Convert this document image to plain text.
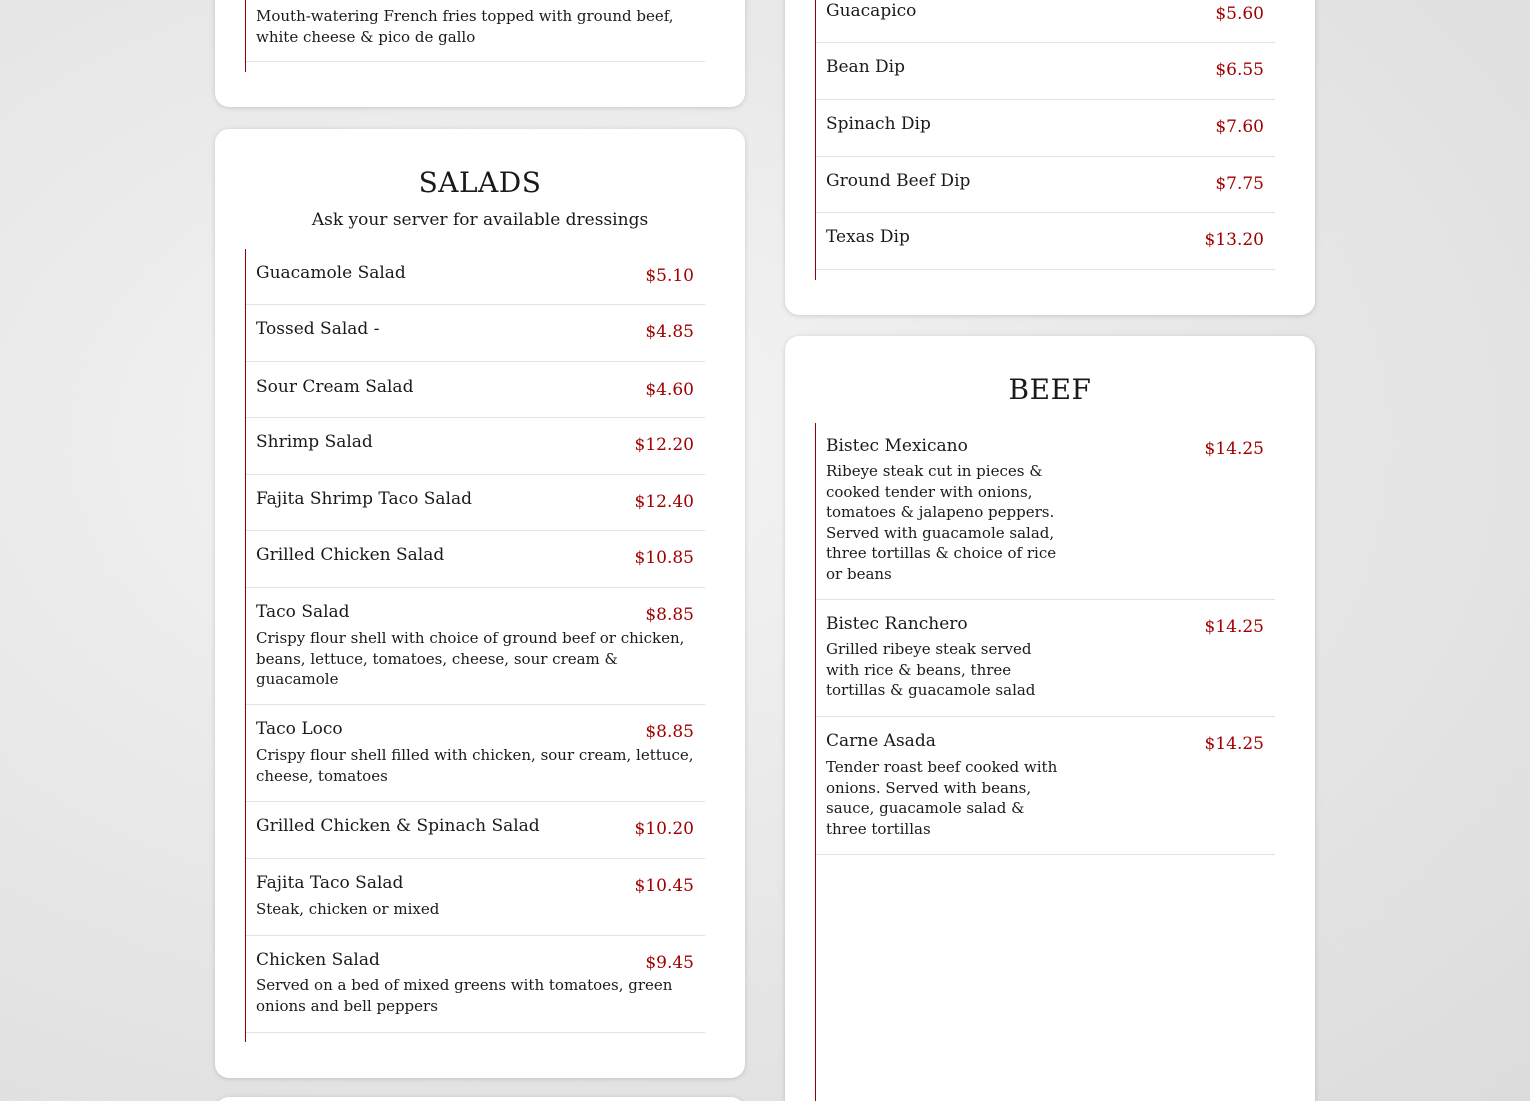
Mouth-watering French fries topped with ground beef, white cheese & pico de gallo
SALADS
Ask your server for available dressings
Guacamole Salad	$5.10
Tossed Salad -	$4.85
Sour Cream Salad	$4.60
Shrimp Salad	$12.20
Fajita Shrimp Taco Salad	$12.40
Grilled Chicken Salad	$10.85
Taco Salad	$8.85
Crispy flour shell with choice of ground beef or chicken, beans, lettuce, tomatoes, cheese, sour cream & guacamole
Taco Loco	$8.85
Crispy flour shell filled with chicken, sour cream, lettuce, cheese, tomatoes
Grilled Chicken & Spinach Salad	$10.20
Fajita Taco Salad	$10.45
Steak, chicken or mixed
Chicken Salad	$9.45
Served on a bed of mixed greens with tomatoes, green onions and bell peppers
Guacapico	$5.60
Bean Dip	$6.55
Spinach Dip	$7.60
Ground Beef Dip	$7.75
Texas Dip	$13.20
BEEF
Bistec Mexicano	$14.25
Ribeye steak cut in pieces & cooked tender with onions, tomatoes & jalapeno peppers. Served with guacamole salad, three tortillas & choice of rice or beans
Bistec Ranchero	$14.25
Grilled ribeye steak served with rice & beans, three tortillas & guacamole salad
Carne Asada	$14.25
Tender roast beef cooked with onions. Served with beans, sauce, guacamole salad & three tortillas
